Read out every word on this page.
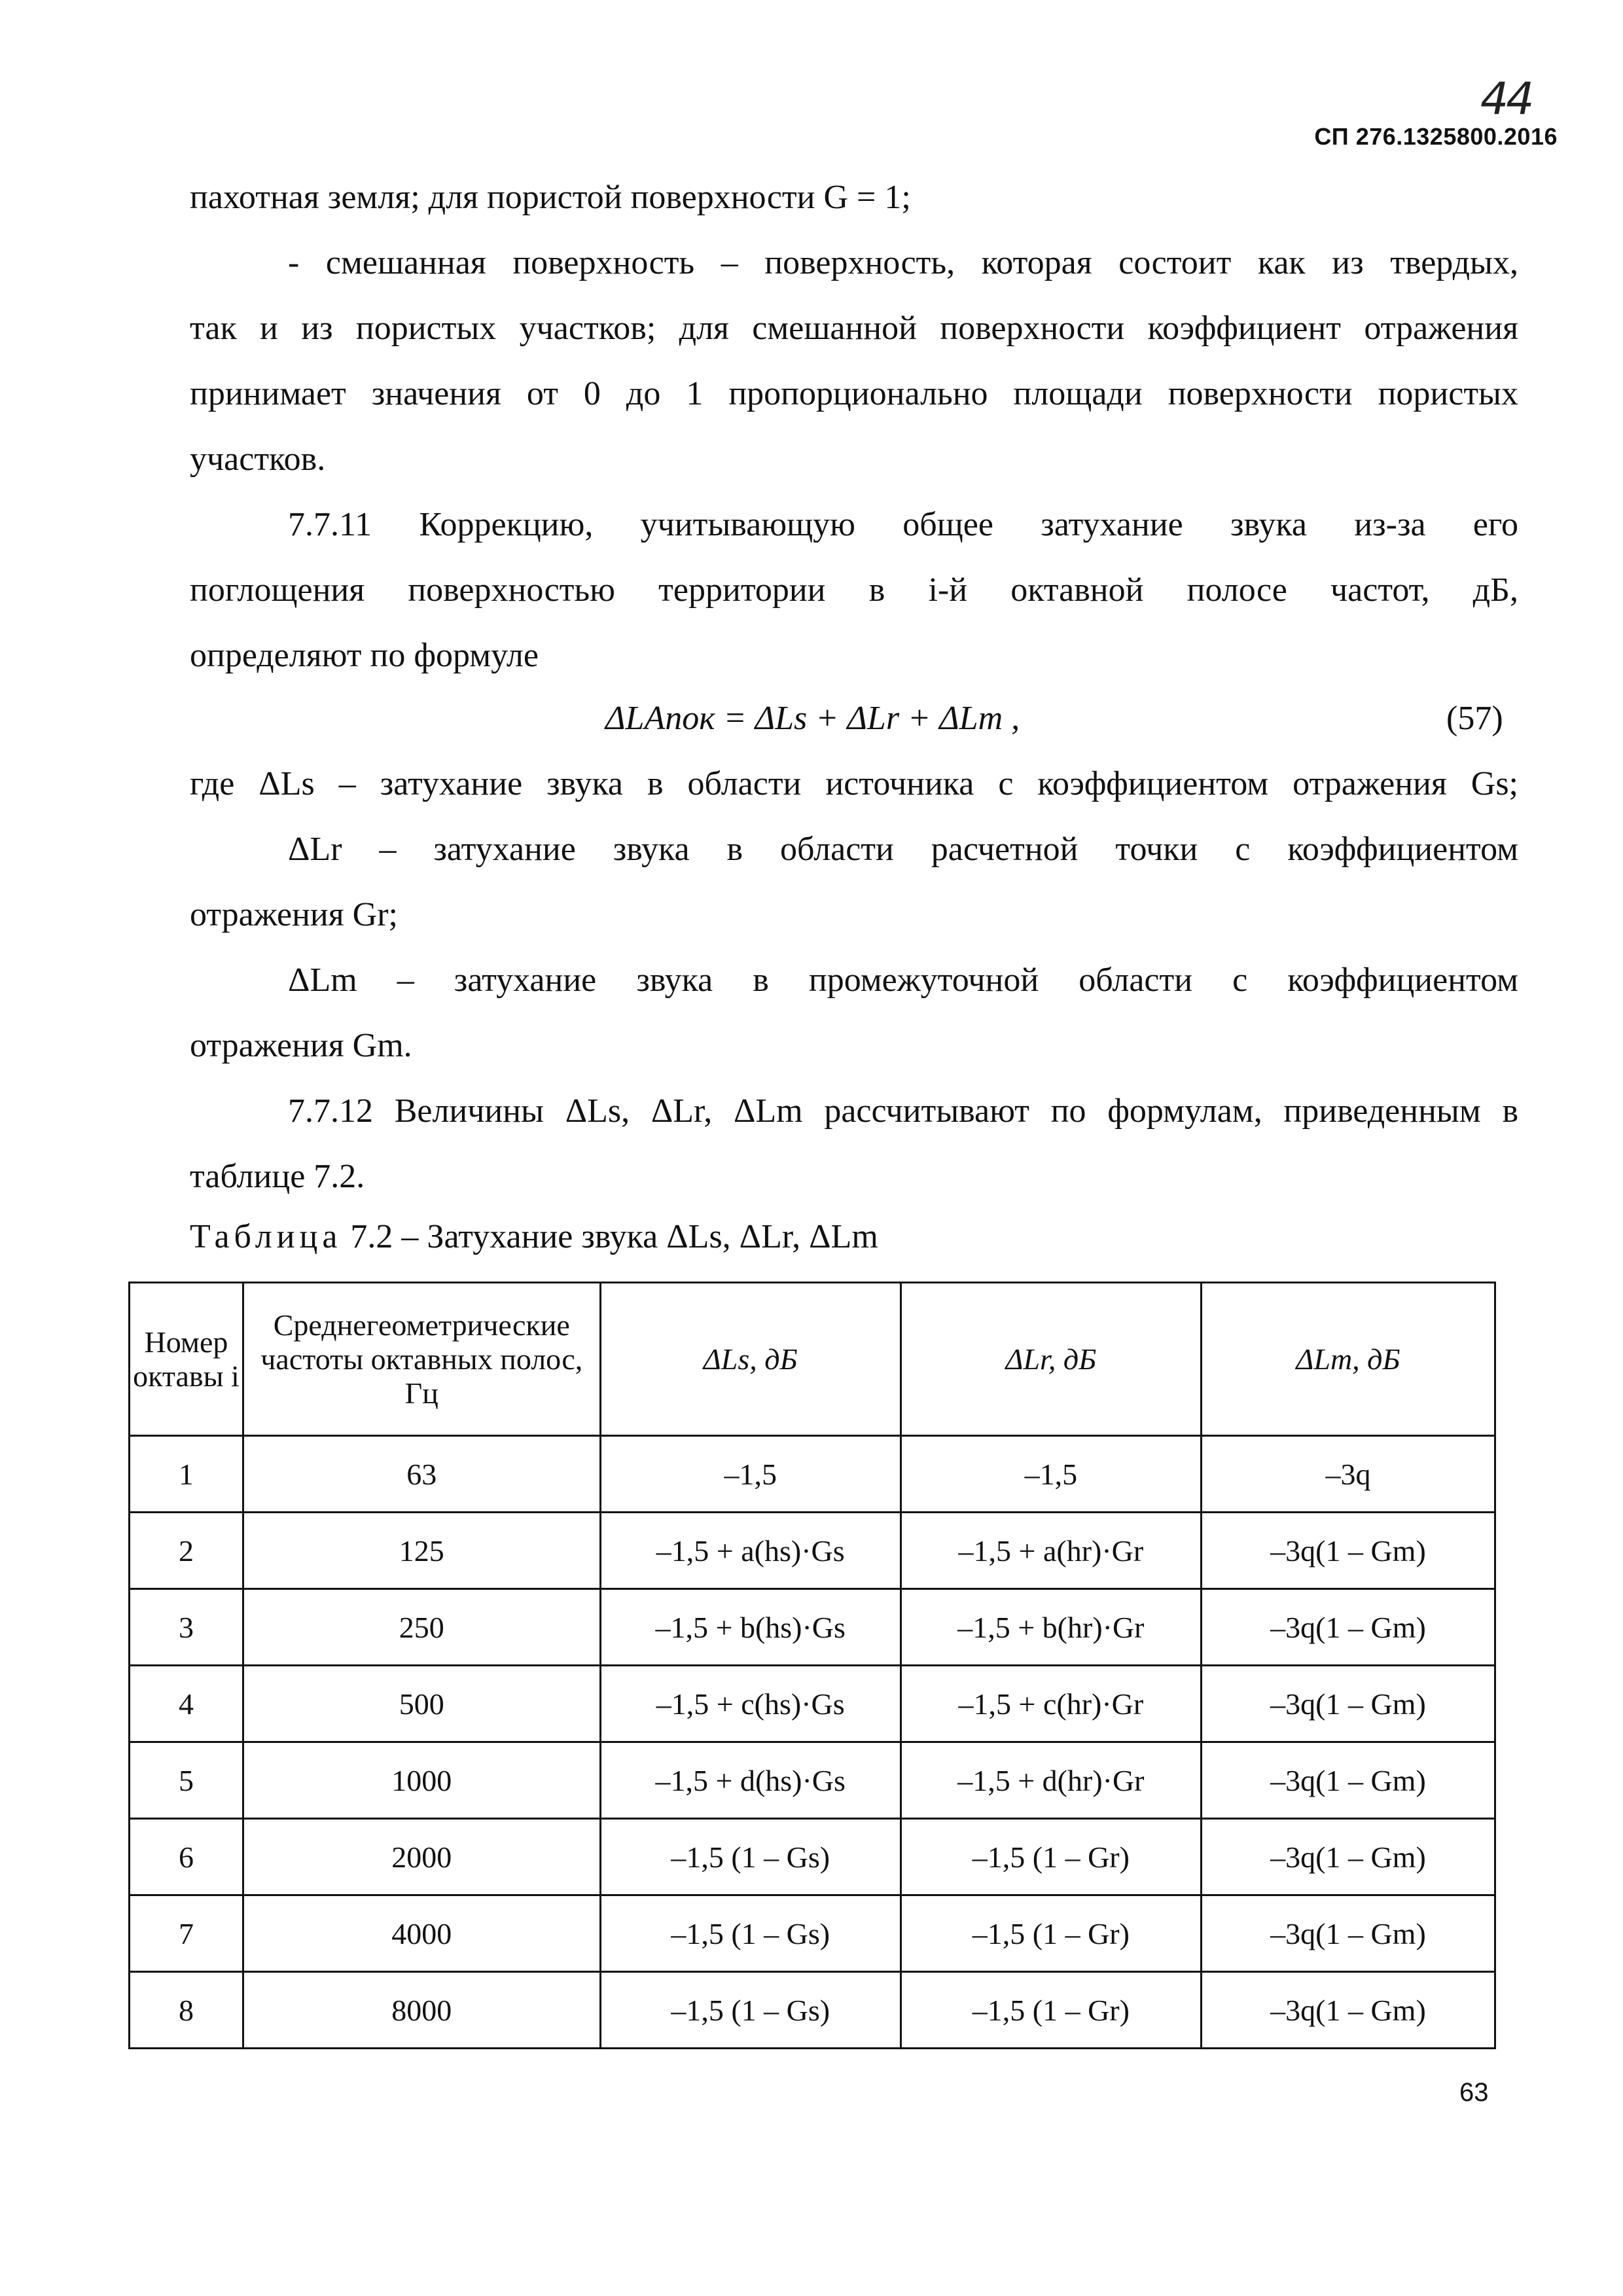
44
СП 276.1325800.2016
пахотная земля; для пористой поверхности G = 1;
- смешанная поверхность – поверхность, которая состоит как из твердых,
так и из пористых участков; для смешанной поверхности коэффициент отражения
принимает значения от 0 до 1 пропорционально площади поверхности пористых
участков.
7.7.11 Коррекцию, учитывающую общее затухание звука из-за его
поглощения поверхностью территории в i-й октавной полосе частот, дБ,
определяют по формуле
ΔLАпок = ΔLs + ΔLr + ΔLm ,	(57)
где ΔLs – затухание звука в области источника с коэффициентом отражения Gs;
ΔLr – затухание звука в области расчетной точки с коэффициентом
отражения Gr;
ΔLm – затухание звука в промежуточной области с коэффициентом
отражения Gm.
7.7.12 Величины ΔLs, ΔLr, ΔLm рассчитывают по формулам, приведенным в
таблице 7.2.
Таблица 7.2 – Затухание звука ΔLs, ΔLr, ΔLm
Номер октавы i	Среднегеометрические частоты октавных полос, Гц	ΔLs, дБ	ΔLr, дБ	ΔLm, дБ
1	63	–1,5	–1,5	–3q
2	125	–1,5 + a(hs)·Gs	–1,5 + a(hr)·Gr	–3q(1 – Gm)
3	250	–1,5 + b(hs)·Gs	–1,5 + b(hr)·Gr	–3q(1 – Gm)
4	500	–1,5 + c(hs)·Gs	–1,5 + c(hr)·Gr	–3q(1 – Gm)
5	1000	–1,5 + d(hs)·Gs	–1,5 + d(hr)·Gr	–3q(1 – Gm)
6	2000	–1,5 (1 – Gs)	–1,5 (1 – Gr)	–3q(1 – Gm)
7	4000	–1,5 (1 – Gs)	–1,5 (1 – Gr)	–3q(1 – Gm)
8	8000	–1,5 (1 – Gs)	–1,5 (1 – Gr)	–3q(1 – Gm)
63
